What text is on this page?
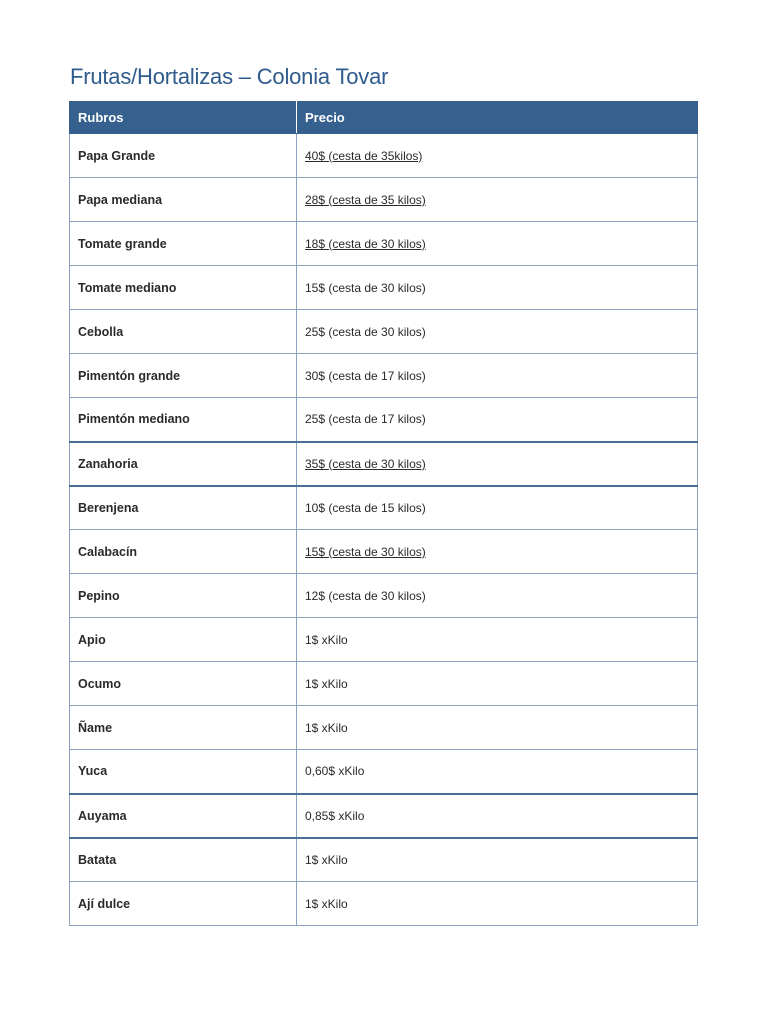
Frutas/Hortalizas – Colonia Tovar
Rubros	Precio
Papa Grande	40$ (cesta de 35kilos)
Papa mediana	28$ (cesta de 35 kilos)
Tomate grande	18$ (cesta de 30 kilos)
Tomate mediano	15$ (cesta de 30 kilos)
Cebolla	25$ (cesta de 30 kilos)
Pimentón grande	30$ (cesta de 17 kilos)
Pimentón mediano	25$ (cesta de 17 kilos)
Zanahoria	35$ (cesta de 30 kilos)
Berenjena	10$ (cesta de 15 kilos)
Calabacín	15$ (cesta de 30 kilos)
Pepino	12$ (cesta de 30 kilos)
Apio	1$ xKilo
Ocumo	1$ xKilo
Ñame	1$ xKilo
Yuca	0,60$ xKilo
Auyama	0,85$ xKilo
Batata	1$ xKilo
Ají dulce	1$ xKilo
